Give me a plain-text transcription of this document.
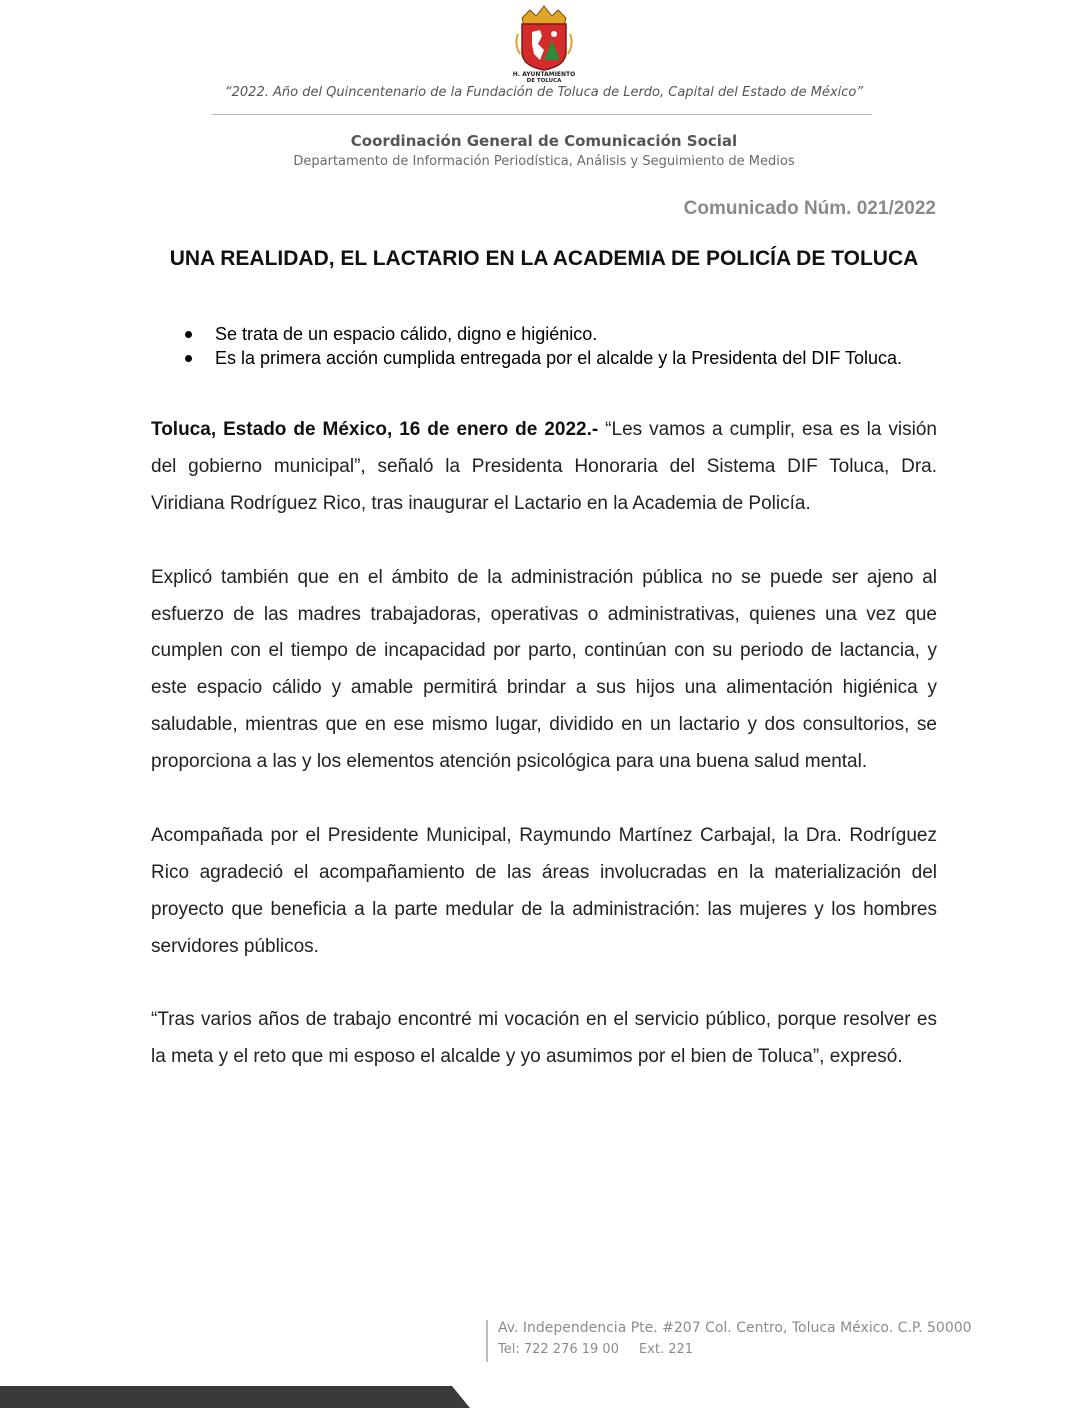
H. AYUNTAMIENTO
DE TOLUCA
“2022. Año del Quincentenario de la Fundación de Toluca de Lerdo, Capital del Estado de México”
Coordinación General de Comunicación Social
Departamento de Información Periodística, Análisis y Seguimiento de Medios
Comunicado Núm. 021/2022
UNA REALIDAD, EL LACTARIO EN LA ACADEMIA DE POLICÍA DE TOLUCA
Se trata de un espacio cálido, digno e higiénico.
Es la primera acción cumplida entregada por el alcalde y la Presidenta del DIF Toluca.

Toluca, Estado de México, 16 de enero de 2022.- “Les vamos a cumplir, esa es la visión del gobierno municipal”, señaló la Presidenta Honoraria del Sistema DIF Toluca, Dra. Viridiana Rodríguez Rico, tras inaugurar el Lactario en la Academia de Policía.

Explicó también que en el ámbito de la administración pública no se puede ser ajeno al esfuerzo de las madres trabajadoras, operativas o administrativas, quienes una vez que cumplen con el tiempo de incapacidad por parto, continúan con su periodo de lactancia, y este espacio cálido y amable permitirá brindar a sus hijos una alimentación higiénica y saludable, mientras que en ese mismo lugar, dividido en un lactario y dos consultorios, se proporciona a las y los elementos atención psicológica para una buena salud mental.

Acompañada por el Presidente Municipal, Raymundo Martínez Carbajal, la Dra. Rodríguez Rico agradeció el acompañamiento de las áreas involucradas en la materialización del proyecto que beneficia a la parte medular de la administración: las mujeres y los hombres servidores públicos.

“Tras varios años de trabajo encontré mi vocación en el servicio público, porque resolver es la meta y el reto que mi esposo el alcalde y yo asumimos por el bien de Toluca”, expresó.

Av. Independencia Pte. #207 Col. Centro, Toluca México. C.P. 50000
Tel: 722 276 19 00 Ext. 221
